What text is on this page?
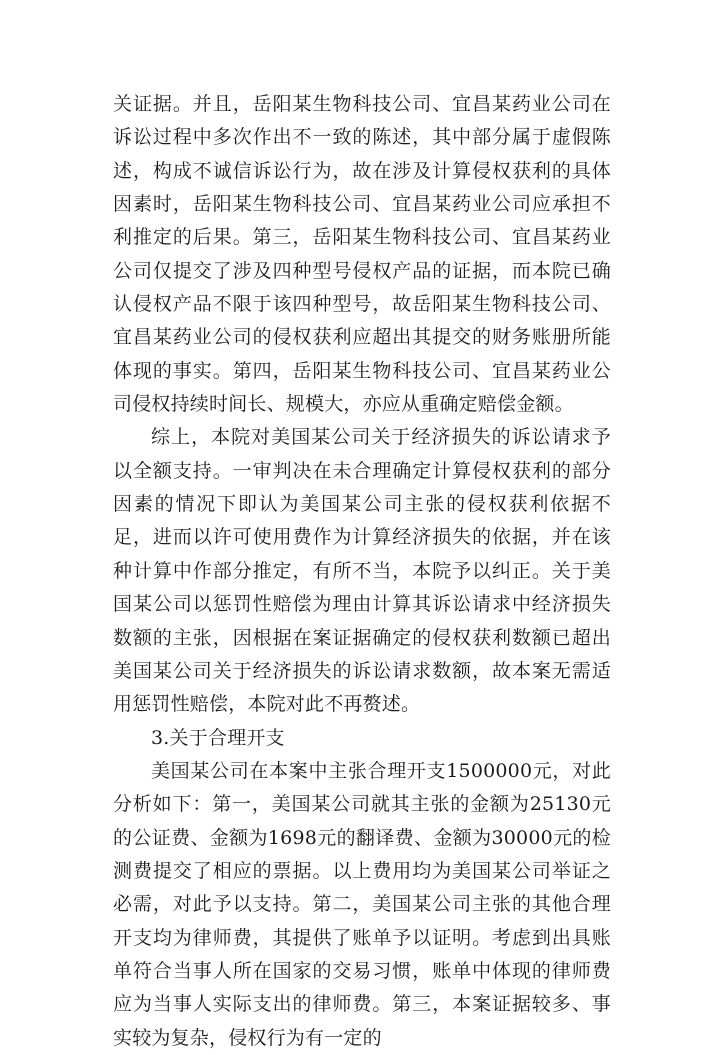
关证据。并且，岳阳某生物科技公司、宜昌某药业公司在诉讼过程中多次作出不一致的陈述，其中部分属于虚假陈述，构成不诚信诉讼行为，故在涉及计算侵权获利的具体因素时，岳阳某生物科技公司、宜昌某药业公司应承担不利推定的后果。第三，岳阳某生物科技公司、宜昌某药业公司仅提交了涉及四种型号侵权产品的证据，而本院已确认侵权产品不限于该四种型号，故岳阳某生物科技公司、宜昌某药业公司的侵权获利应超出其提交的财务账册所能体现的事实。第四，岳阳某生物科技公司、宜昌某药业公司侵权持续时间长、规模大，亦应从重确定赔偿金额。

综上，本院对美国某公司关于经济损失的诉讼请求予以全额支持。一审判决在未合理确定计算侵权获利的部分因素的情况下即认为美国某公司主张的侵权获利依据不足，进而以许可使用费作为计算经济损失的依据，并在该种计算中作部分推定，有所不当，本院予以纠正。关于美国某公司以惩罚性赔偿为理由计算其诉讼请求中经济损失数额的主张，因根据在案证据确定的侵权获利数额已超出美国某公司关于经济损失的诉讼请求数额，故本案无需适用惩罚性赔偿，本院对此不再赘述。

3.关于合理开支

美国某公司在本案中主张合理开支1500000元，对此分析如下：第一，美国某公司就其主张的金额为25130元的公证费、金额为1698元的翻译费、金额为30000元的检测费提交了相应的票据。以上费用均为美国某公司举证之必需，对此予以支持。第二，美国某公司主张的其他合理开支均为律师费，其提供了账单予以证明。考虑到出具账单符合当事人所在国家的交易习惯，账单中体现的律师费应为当事人实际支出的律师费。第三，本案证据较多、事实较为复杂，侵权行为有一定的
